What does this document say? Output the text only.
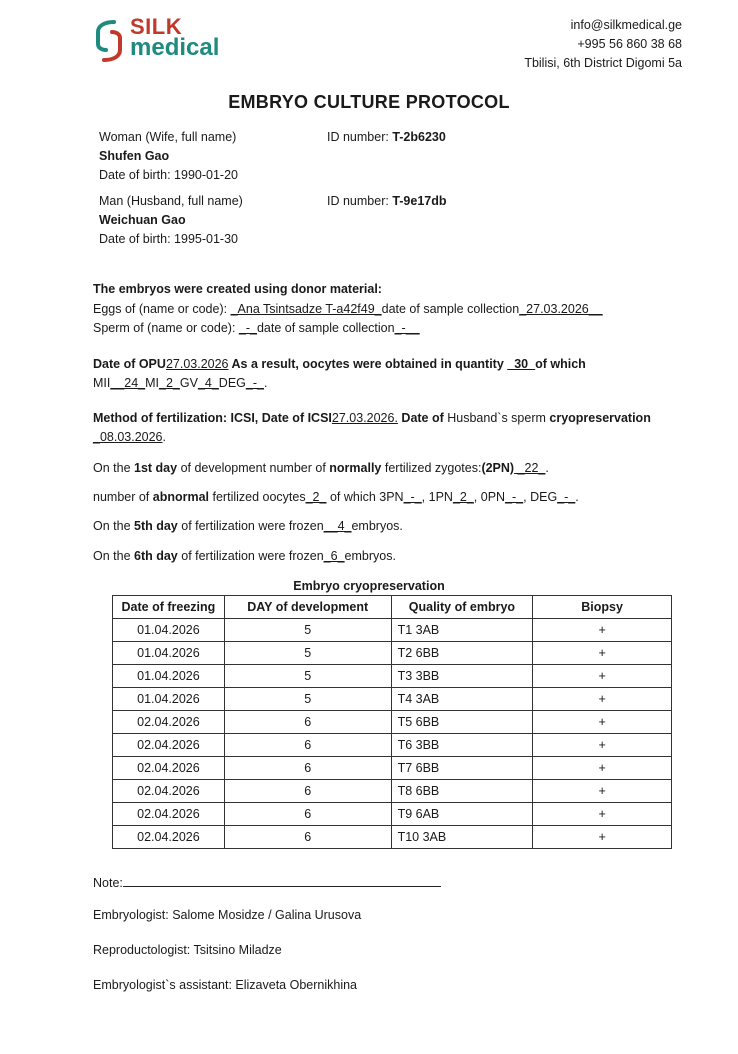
SILK
medical
info@silkmedical.ge
+995 56 860 38 68
Tbilisi, 6th District Digomi 5a
EMBRYO CULTURE PROTOCOL
Woman (Wife, full name)
Shufen Gao
Date of birth: 1990-01-20
ID number: T-2b6230
Man (Husband, full name)
Weichuan Gao
Date of birth: 1995-01-30
ID number: T-9e17db
The embryos were created using donor material:
Eggs of (name or code): _Ana Tsintsadze T-a42f49_date of sample collection_27.03.2026__
Sperm of (name or code): _-_date of sample collection_-__
Date of OPU27.03.2026 As a result, oocytes were obtained in quantity _30_of which
MII__24_MI_2_GV_4_DEG_-_.
Method of fertilization: ICSI, Date of ICSI27.03.2026. Date of Husband`s sperm cryopreservation
_08.03.2026.
On the 1st day of development number of normally fertilized zygotes:(2PN) _22_.
number of abnormal fertilized oocytes_2_ of which 3PN_-_, 1PN_2_, 0PN_-_, DEG_-_.
On the 5th day of fertilization were frozen__4_embryos.
On the 6th day of fertilization were frozen_6_embryos.
Embryo cryopreservation
Date of freezing	DAY of development	Quality of embryo	Biopsy
01.04.2026	5	T1 3AB	+
01.04.2026	5	T2 6BB	+
01.04.2026	5	T3 3BB	+
01.04.2026	5	T4 3AB	+
02.04.2026	6	T5 6BB	+
02.04.2026	6	T6 3BB	+
02.04.2026	6	T7 6BB	+
02.04.2026	6	T8 6BB	+
02.04.2026	6	T9 6AB	+
02.04.2026	6	T10 3AB	+
Note:
Embryologist: Salome Mosidze / Galina Urusova
Reproductologist: Tsitsino Miladze
Embryologist`s assistant: Elizaveta Obernikhina
